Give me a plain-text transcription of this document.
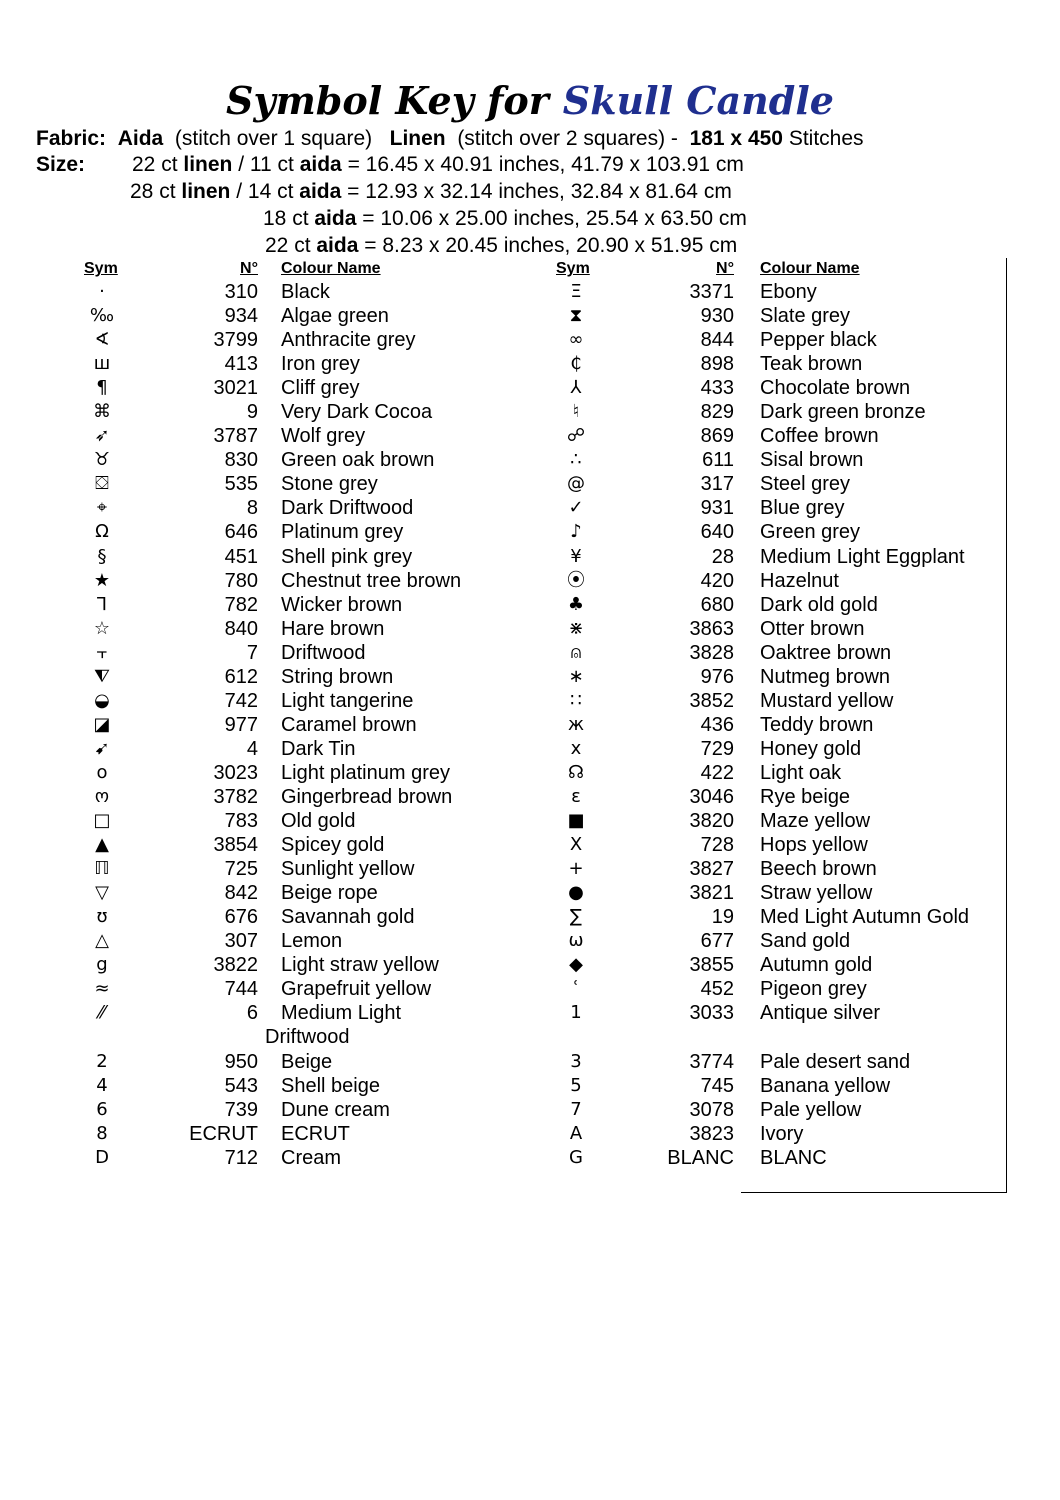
Symbol Key for Skull Candle
Fabric: Aida (stitch over 1 square) Linen (stitch over 2 squares) - 181 x 450 Stitches
Size: 22 ct linen / 11 ct aida = 16.45 x 40.91 inches, 41.79 x 103.91 cm
28 ct linen / 14 ct aida = 12.93 x 32.14 inches, 32.84 x 81.64 cm
18 ct aida = 10.06 x 25.00 inches, 25.54 x 63.50 cm
22 ct aida = 8.23 x 20.45 inches, 20.90 x 51.95 cm
Sym	N° Colour Name
·	310 Black
‰	934 Algae green
∢	3799 Anthracite grey
ш	413 Iron grey
¶	3021 Cliff grey
⌘	9 Very Dark Cocoa
➶	3787 Wolf grey
♉	830 Green oak brown
⛋	535 Stone grey
⌖	8 Dark Driftwood
Ω	646 Platinum grey
§	451 Shell pink grey
★	780 Chestnut tree brown
⅂	782 Wicker brown
☆	840 Hare brown
⫟	7 Driftwood
⧨	612 String brown
◒	742 Light tangerine
◪	977 Caramel brown
➹	4 Dark Tin
o	3023 Light platinum grey
ო	3782 Gingerbread brown
□	783 Old gold
▲	3854 Spicey gold
ℿ	725 Sunlight yellow
▽	842 Beige rope
ʊ	676 Savannah gold
△	307 Lemon
g	3822 Light straw yellow
≈	744 Grapefruit yellow
⁄⁄	6 Medium Light
Driftwood
2	950 Beige
4	543 Shell beige
6	739 Dune cream
8	ECRUT ECRUT
D	712 Cream
Sym	N° Colour Name
Ξ	3371 Ebony
⧗	930 Slate grey
∞	844 Pepper black
₵	898 Teak brown
⅄	433 Chocolate brown
♮	829 Dark green bronze
☍	869 Coffee brown
∴	611 Sisal brown
@	317 Steel grey
✓	931 Blue grey
♪	640 Green grey
¥	28 Medium Light Eggplant
⦿	420 Hazelnut
♣	680 Dark old gold
⋇	3863 Otter brown
⍝	3828 Oaktree brown
∗	976 Nutmeg brown
∷	3852 Mustard yellow
ж	436 Teddy brown
x	729 Honey gold
☊	422 Light oak
ε	3046 Rye beige
■	3820 Maze yellow
X	728 Hops yellow
+	3827 Beech brown
●	3821 Straw yellow
∑	19 Med Light Autumn Gold
ω	677 Sand gold
◆	3855 Autumn gold
ʿ	452 Pigeon grey
1	3033 Antique silver
3	3774 Pale desert sand
5	745 Banana yellow
7	3078 Pale yellow
A	3823 Ivory
G	BLANC BLANC
